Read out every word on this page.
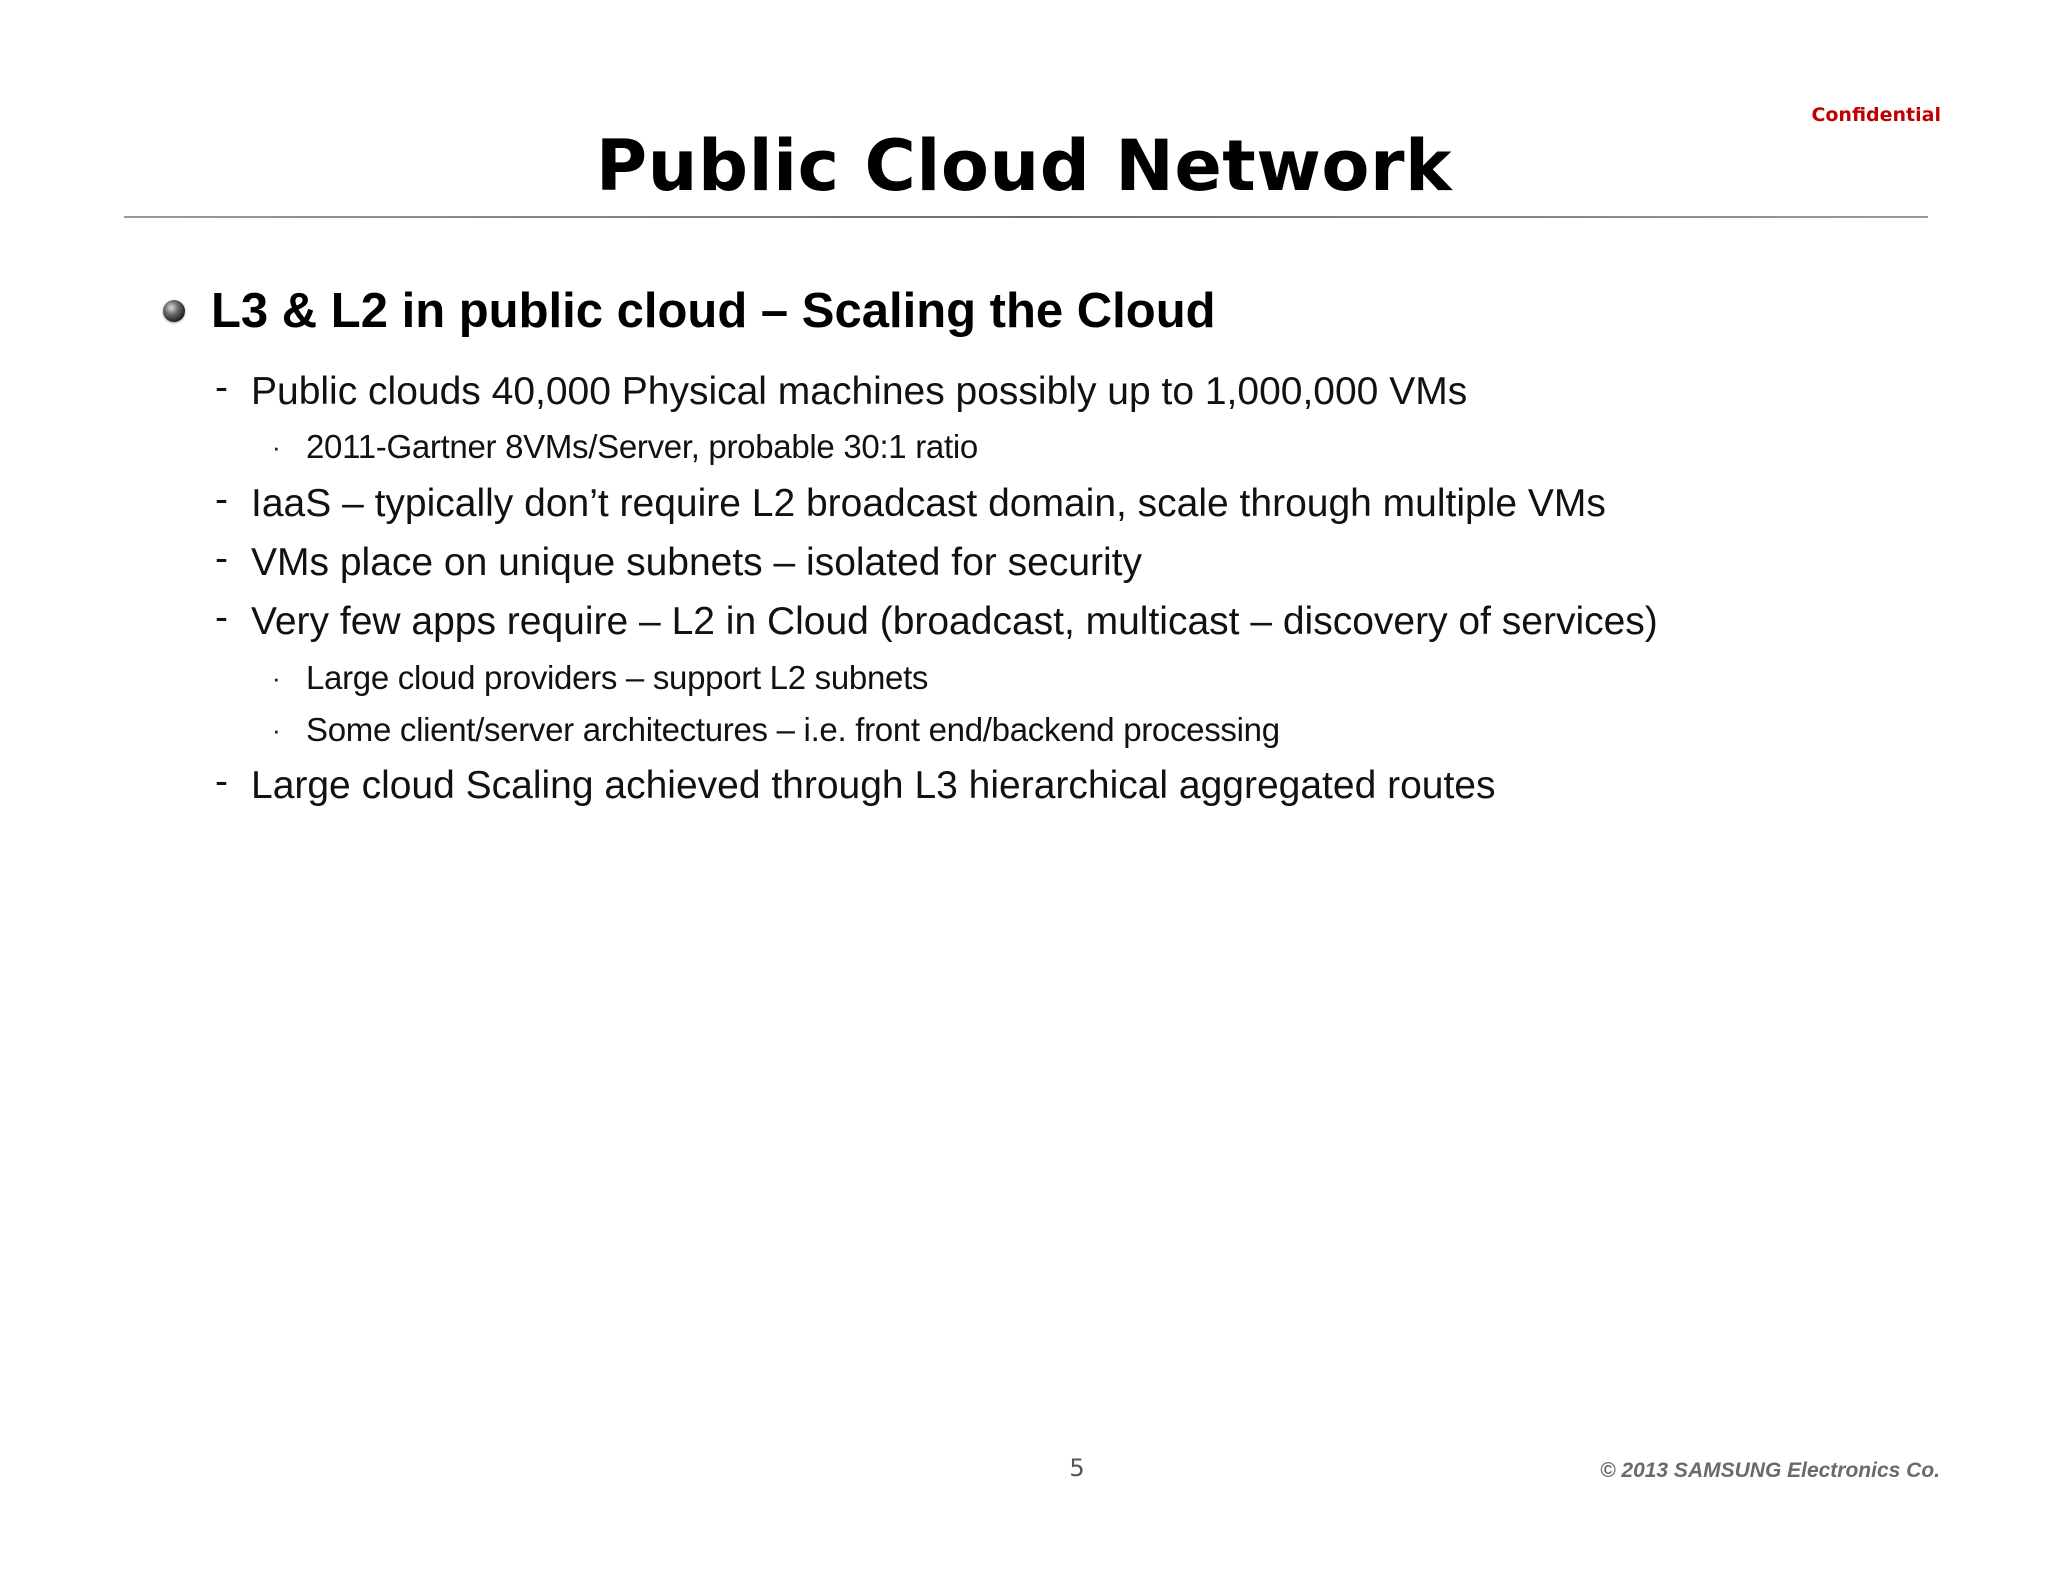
Confidential
Public Cloud Network
L3 & L2 in public cloud – Scaling the Cloud
- Public clouds 40,000 Physical machines possibly up to 1,000,000 VMs
· 2011-Gartner 8VMs/Server, probable 30:1 ratio
- IaaS – typically don’t require L2 broadcast domain, scale through multiple VMs
- VMs place on unique subnets – isolated for security
- Very few apps require – L2 in Cloud (broadcast, multicast – discovery of services)
· Large cloud providers – support L2 subnets
· Some client/server architectures – i.e. front end/backend processing
- Large cloud Scaling achieved through L3 hierarchical aggregated routes
5	© 2013 SAMSUNG Electronics Co.
